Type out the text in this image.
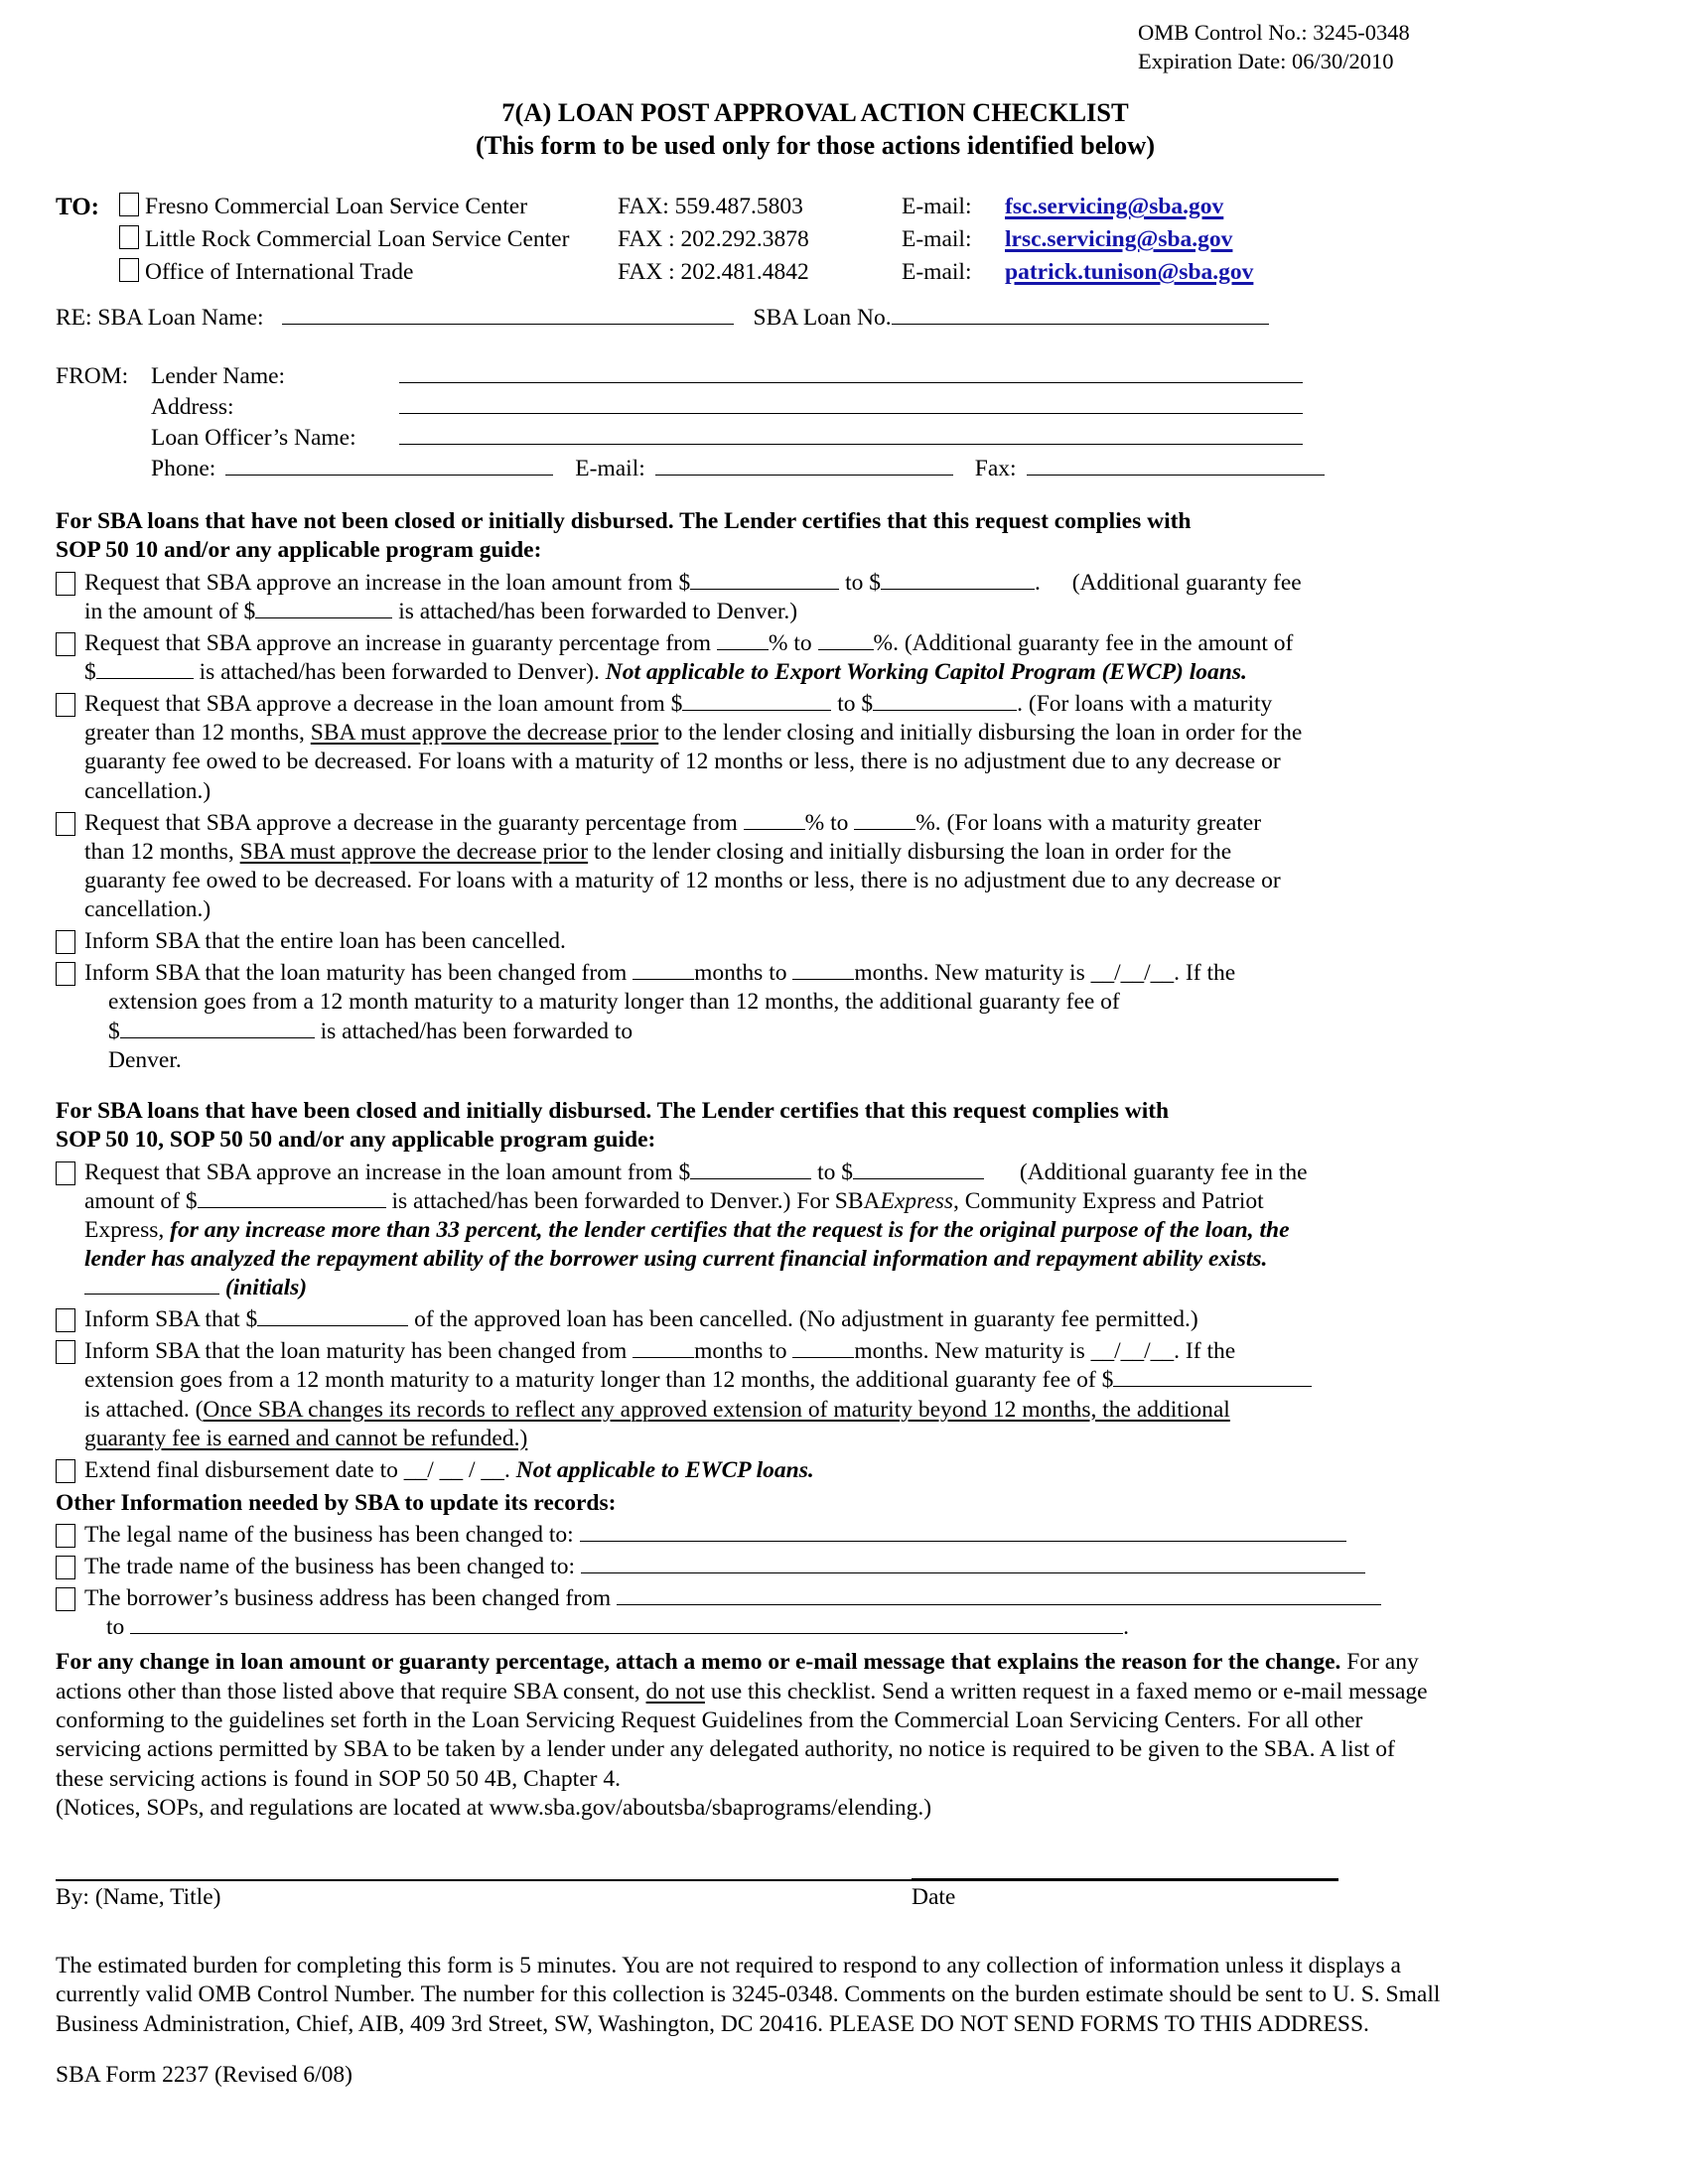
OMB Control No.: 3245-0348
Expiration Date: 06/30/2010
7(A) LOAN POST APPROVAL ACTION CHECKLIST
(This form to be used only for those actions identified below)
TO:	Fresno Commercial Loan Service Center	FAX: 559.487.5803	E-mail:	fsc.servicing@sba.gov
Little Rock Commercial Loan Service Center	FAX : 202.292.3878	E-mail:	lrsc.servicing@sba.gov
Office of International Trade	FAX : 202.481.4842	E-mail:	patrick.tunison@sba.gov
RE: SBA Loan Name:	SBA Loan No.
FROM: Lender Name:
Address:
Loan Officer’s Name:
Phone:	E-mail:	Fax:
For SBA loans that have not been closed or initially disbursed. The Lender certifies that this request complies with
SOP 50 10 and/or any applicable program guide:
Request that SBA approve an increase in the loan amount from $	to $	. (Additional guaranty fee
in the amount of $	is attached/has been forwarded to Denver.)
Request that SBA approve an increase in guaranty percentage from % to	%. (Additional guaranty fee in the amount of
$	is attached/has been forwarded to Denver). Not applicable to Export Working Capitol Program (EWCP) loans.
Request that SBA approve a decrease in the loan amount from $	to $	. (For loans with a maturity
greater than 12 months, SBA must approve the decrease prior to the lender closing and initially disbursing the loan in order for the
guaranty fee owed to be decreased. For loans with a maturity of 12 months or less, there is no adjustment due to any decrease or
cancellation.)
Request that SBA approve a decrease in the guaranty percentage from	% to	%. (For loans with a maturity greater
than 12 months, SBA must approve the decrease prior to the lender closing and initially disbursing the loan in order for the
guaranty fee owed to be decreased. For loans with a maturity of 12 months or less, there is no adjustment due to any decrease or
cancellation.)
Inform SBA that the entire loan has been cancelled.
Inform SBA that the loan maturity has been changed from	months to	months. New maturity is __/__/__. If the
extension goes from a 12 month maturity to a maturity longer than 12 months, the additional guaranty fee of
$	is attached/has been forwarded to
Denver.
For SBA loans that have been closed and initially disbursed. The Lender certifies that this request complies with
SOP 50 10, SOP 50 50 and/or any applicable program guide:
Request that SBA approve an increase in the loan amount from $	to $	(Additional guaranty fee in the
amount of $	is attached/has been forwarded to Denver.) For SBAExpress, Community Express and Patriot
Express, for any increase more than 33 percent, the lender certifies that the request is for the original purpose of the loan, the
lender has analyzed the repayment ability of the borrower using current financial information and repayment ability exists.
(initials)
Inform SBA that $	of the approved loan has been cancelled. (No adjustment in guaranty fee permitted.)
Inform SBA that the loan maturity has been changed from	months to	months. New maturity is __/__/__. If the
extension goes from a 12 month maturity to a maturity longer than 12 months, the additional guaranty fee of $
is attached. (Once SBA changes its records to reflect any approved extension of maturity beyond 12 months, the additional
guaranty fee is earned and cannot be refunded.)
Extend final disbursement date to __/ __ / __. Not applicable to EWCP loans.
Other Information needed by SBA to update its records:
The legal name of the business has been changed to:
The trade name of the business has been changed to:
The borrower’s business address has been changed from
to	.
For any change in loan amount or guaranty percentage, attach a memo or e-mail message that explains the reason for the change. For any
actions other than those listed above that require SBA consent, do not use this checklist. Send a written request in a faxed memo or e-mail message
conforming to the guidelines set forth in the Loan Servicing Request Guidelines from the Commercial Loan Servicing Centers. For all other
servicing actions permitted by SBA to be taken by a lender under any delegated authority, no notice is required to be given to the SBA. A list of
these servicing actions is found in SOP 50 50 4B, Chapter 4.
(Notices, SOPs, and regulations are located at www.sba.gov/aboutsba/sbaprograms/elending.)
By: (Name, Title)	Date
The estimated burden for completing this form is 5 minutes. You are not required to respond to any collection of information unless it displays a
currently valid OMB Control Number. The number for this collection is 3245-0348. Comments on the burden estimate should be sent to U. S. Small
Business Administration, Chief, AIB, 409 3rd Street, SW, Washington, DC 20416. PLEASE DO NOT SEND FORMS TO THIS ADDRESS.
SBA Form 2237 (Revised 6/08)
